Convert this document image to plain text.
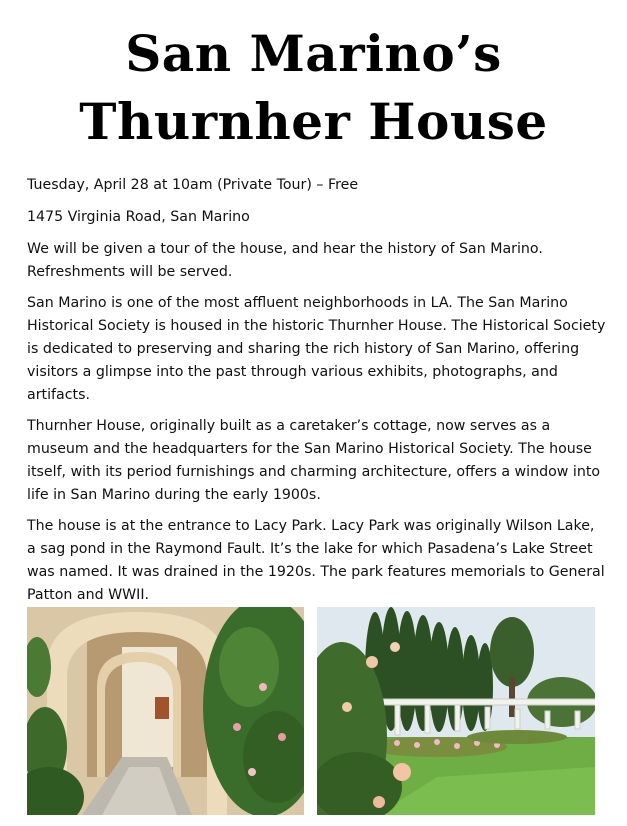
San Marino’s
Thurnher House

Tuesday, April 28 at 10am (Private Tour) – Free

1475 Virginia Road, San Marino

We will be given a tour of the house, and hear the history of San Marino. Refreshments will be served.

San Marino is one of the most affluent neighborhoods in LA. The San Marino Historical Society is housed in the historic Thurnher House. The Historical Society is dedicated to preserving and sharing the rich history of San Marino, offering visitors a glimpse into the past through various exhibits, photographs, and artifacts.

Thurnher House, originally built as a caretaker’s cottage, now serves as a museum and the headquarters for the San Marino Historical Society. The house itself, with its period furnishings and charming architecture, offers a window into life in San Marino during the early 1900s.

The house is at the entrance to Lacy Park. Lacy Park was originally Wilson Lake, a sag pond in the Raymond Fault. It’s the lake for which Pasadena’s Lake Street was named. It was drained in the 1920s. The park features memorials to General Patton and WWII.
